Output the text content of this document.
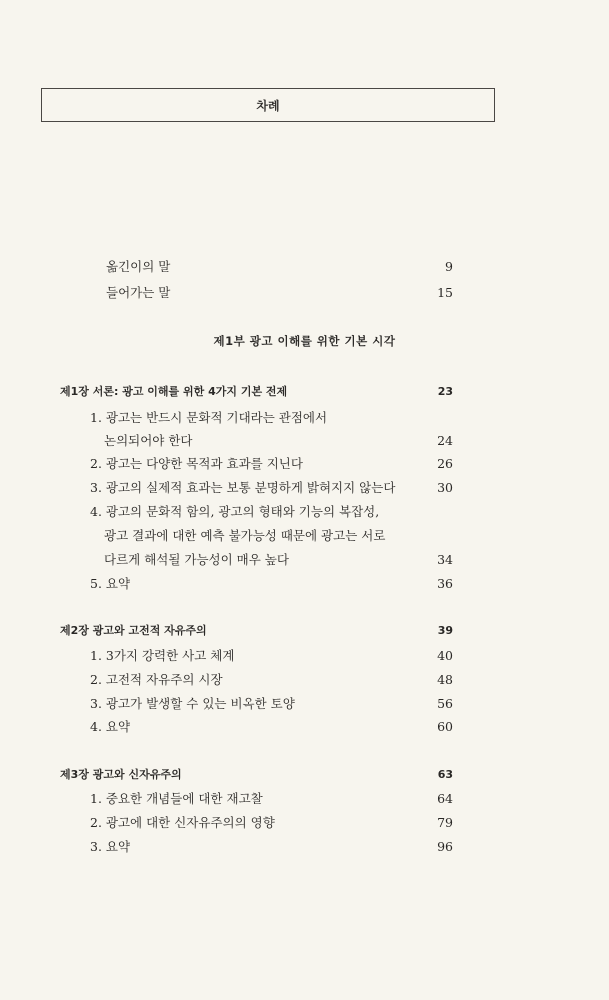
차례
옮긴이의 말	9
들어가는 말	15
제1부 광고 이해를 위한 기본 시각
제1장 서론: 광고 이해를 위한 4가지 기본 전제	23
1. 광고는 반드시 문화적 기대라는 관점에서
논의되어야 한다	24
2. 광고는 다양한 목적과 효과를 지닌다	26
3. 광고의 실제적 효과는 보통 분명하게 밝혀지지 않는다	30
4. 광고의 문화적 함의, 광고의 형태와 기능의 복잡성,
광고 결과에 대한 예측 불가능성 때문에 광고는 서로
다르게 해석될 가능성이 매우 높다	34
5. 요약	36
제2장 광고와 고전적 자유주의	39
1. 3가지 강력한 사고 체계	40
2. 고전적 자유주의 시장	48
3. 광고가 발생할 수 있는 비옥한 토양	56
4. 요약	60
제3장 광고와 신자유주의	63
1. 중요한 개념들에 대한 재고찰	64
2. 광고에 대한 신자유주의의 영향	79
3. 요약	96
